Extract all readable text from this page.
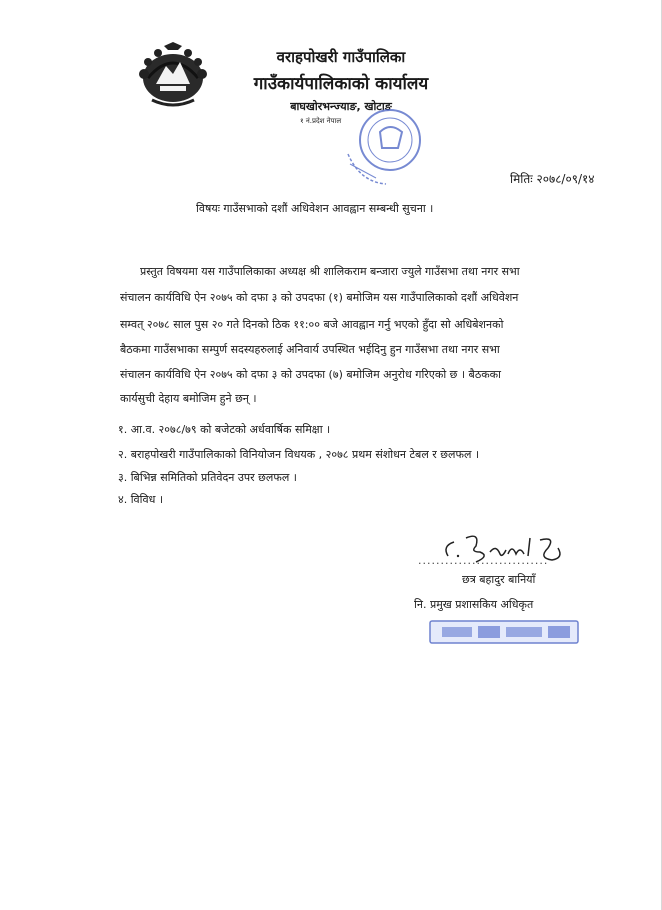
वराहपोखरी गाउँपालिका
गाउँकार्यपालिकाको कार्यालय
बाघखोरभन्ज्याङ, खोटाङ
१ नं.प्रदेश नेपाल
मितिः २०७८/०९/१४
विषयः गाउँसभाको दशौं अधिवेशन आवह्वान सम्बन्धी सुचना ।
प्रस्तुत विषयमा यस गाउँपालिकाका अध्यक्ष श्री शालिकराम बन्जारा ज्युले गाउँसभा तथा नगर सभा
संचालन कार्यविधि ऐन २०७५ को दफा ३ को उपदफा (१) बमोजिम यस गाउँपालिकाको दशौं अधिवेशन
सम्वत् २०७८ साल पुस २० गते दिनको ठिक ११:०० बजे आवह्वान गर्नु भएको हुँदा सो अधिबेशनको
बैठकमा गाउँसभाका सम्पुर्ण सदस्यहरुलाई अनिवार्य उपस्थित भईदिनु हुन गाउँसभा तथा नगर सभा
संचालन कार्यविधि ऐन २०७५ को दफा ३ को उपदफा (७) बमोजिम अनुरोध गरिएको छ । बैठकका
कार्यसुची देहाय बमोजिम हुने छन् ।
१. आ.व. २०७८/७९ को बजेटको अर्धवार्षिक समिक्षा ।
२. बराहपोखरी गाउँपालिकाको विनियोजन विधयक , २०७८ प्रथम संशोधन टेबल र छलफल ।
३. बिभिन्न समितिको प्रतिवेदन उपर छलफल ।
४. विविध ।
.............................
छत्र बहादुर बानियाँ
नि. प्रमुख प्रशासकिय अधिकृत
